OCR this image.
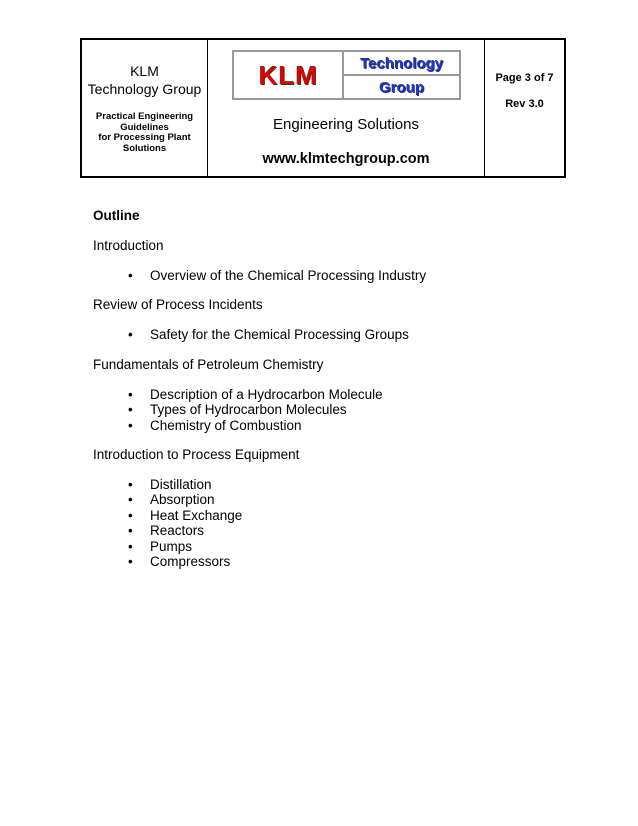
KLM
Technology Group
Practical Engineering
Guidelines
for Processing Plant
Solutions
KLM	Technology
Group
Engineering Solutions
www.klmtechgroup.com
Page 3 of 7
Rev 3.0
Outline
Introduction
• Overview of the Chemical Processing Industry
Review of Process Incidents
• Safety for the Chemical Processing Groups
Fundamentals of Petroleum Chemistry
• Description of a Hydrocarbon Molecule
• Types of Hydrocarbon Molecules
• Chemistry of Combustion
Introduction to Process Equipment
• Distillation
• Absorption
• Heat Exchange
• Reactors
• Pumps
• Compressors
